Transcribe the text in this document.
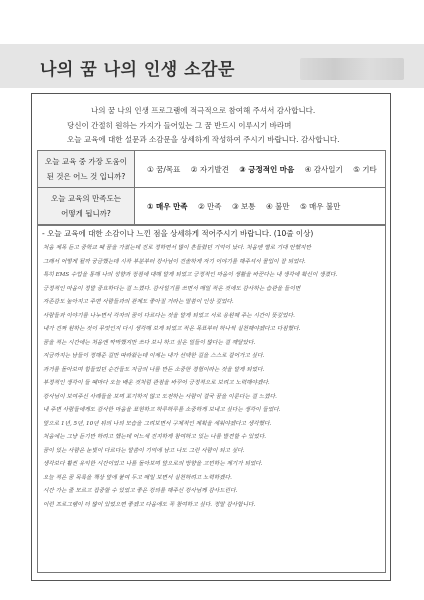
나의 꿈 나의 인생 소감문
나의 꿈 나의 인생 프로그램에 적극적으로 참여해 주셔서 감사합니다.
당신이 간절히 원하는 가지가 들어있는 그 꿈 반드시 이루시기 바라며
오늘 교육에 대한 설문과 소감문을 상세하게 작성하여 주시기 바랍니다. 감사합니다.
오늘 교육 중 가장 도움이
된 것은 어느 것 입니까?	① 꿈/목표 ② 자기발견 ③ 긍정적인 마음 ④ 감사일기 ⑤ 기타

오늘 교육의 만족도는
어떻게 됩니까?	① 매우 만족 ② 만족 ③ 보통 ④ 불만 ⑤ 매우 불만
- 오늘 교육에 대한 소감이나 느낀 점을 상세하게 적어주시기 바랍니다. (10줄 이상)
처음 제목 듣고 중학교 때 꿈을 가졌는데 진로 정하면서 많이 흔들렸던 기억이 났다. 처음엔 별로 기대 안했지만
그래서 어떻게 될까 궁금했는데 시작 부분부터 강사님이 진솔하게 자기 이야기를 해주셔서 몰입이 잘 되었다.
특히 EMS 수업을 통해 나의 성향과 장점에 대해 알게 되었고 긍정적인 마음이 생활을 바꾼다는 내 생각에 확신이 생겼다.
긍정적인 마음이 정말 중요하다는 걸 느꼈다. 감사일기를 쓰면서 매일 작은 것에도 감사하는 습관을 들이면
자존감도 높아지고 주변 사람들과의 관계도 좋아질 거라는 말씀이 인상 깊었다.
사람들과 이야기를 나누면서 각자의 꿈이 다르다는 것을 알게 되었고 서로 응원해 주는 시간이 뜻깊었다.
내가 진짜 원하는 것이 무엇인지 다시 생각해 보게 되었고 작은 목표부터 하나씩 실천해야겠다고 다짐했다.
꿈을 적는 시간에는 처음엔 막막했지만 쓰다 보니 하고 싶은 일들이 많다는 걸 깨달았다.
지금까지는 남들이 정해준 길만 따라왔는데 이제는 내가 선택한 길을 스스로 걸어가고 싶다.
과거를 돌아보며 힘들었던 순간들도 지금의 나를 만든 소중한 경험이라는 것을 알게 되었다.
부정적인 생각이 들 때마다 오늘 배운 것처럼 관점을 바꾸어 긍정적으로 보려고 노력해야겠다.
강사님이 보여주신 사례들을 보며 포기하지 않고 도전하는 사람이 결국 꿈을 이룬다는 걸 느꼈다.
내 주변 사람들에게도 감사한 마음을 표현하고 하루하루를 소중하게 보내고 싶다는 생각이 들었다.
앞으로 1년, 5년, 10년 뒤의 나의 모습을 그려보면서 구체적인 계획을 세워야겠다고 생각했다.
처음에는 그냥 듣기만 하려고 했는데 어느새 진지하게 참여하고 있는 나를 발견할 수 있었다.
꿈이 있는 사람은 눈빛이 다르다는 말씀이 기억에 남고 나도 그런 사람이 되고 싶다.
생각보다 훨씬 유익한 시간이었고 나를 돌아보며 앞으로의 방향을 고민하는 계기가 되었다.
오늘 적은 꿈 목록을 책상 앞에 붙여 두고 매일 보면서 실천하려고 노력하겠다.
시간 가는 줄 모르고 집중할 수 있었고 좋은 강의를 해주신 강사님께 감사드린다.
이런 프로그램이 더 많이 있었으면 좋겠고 다음에도 꼭 참여하고 싶다. 정말 감사합니다.
